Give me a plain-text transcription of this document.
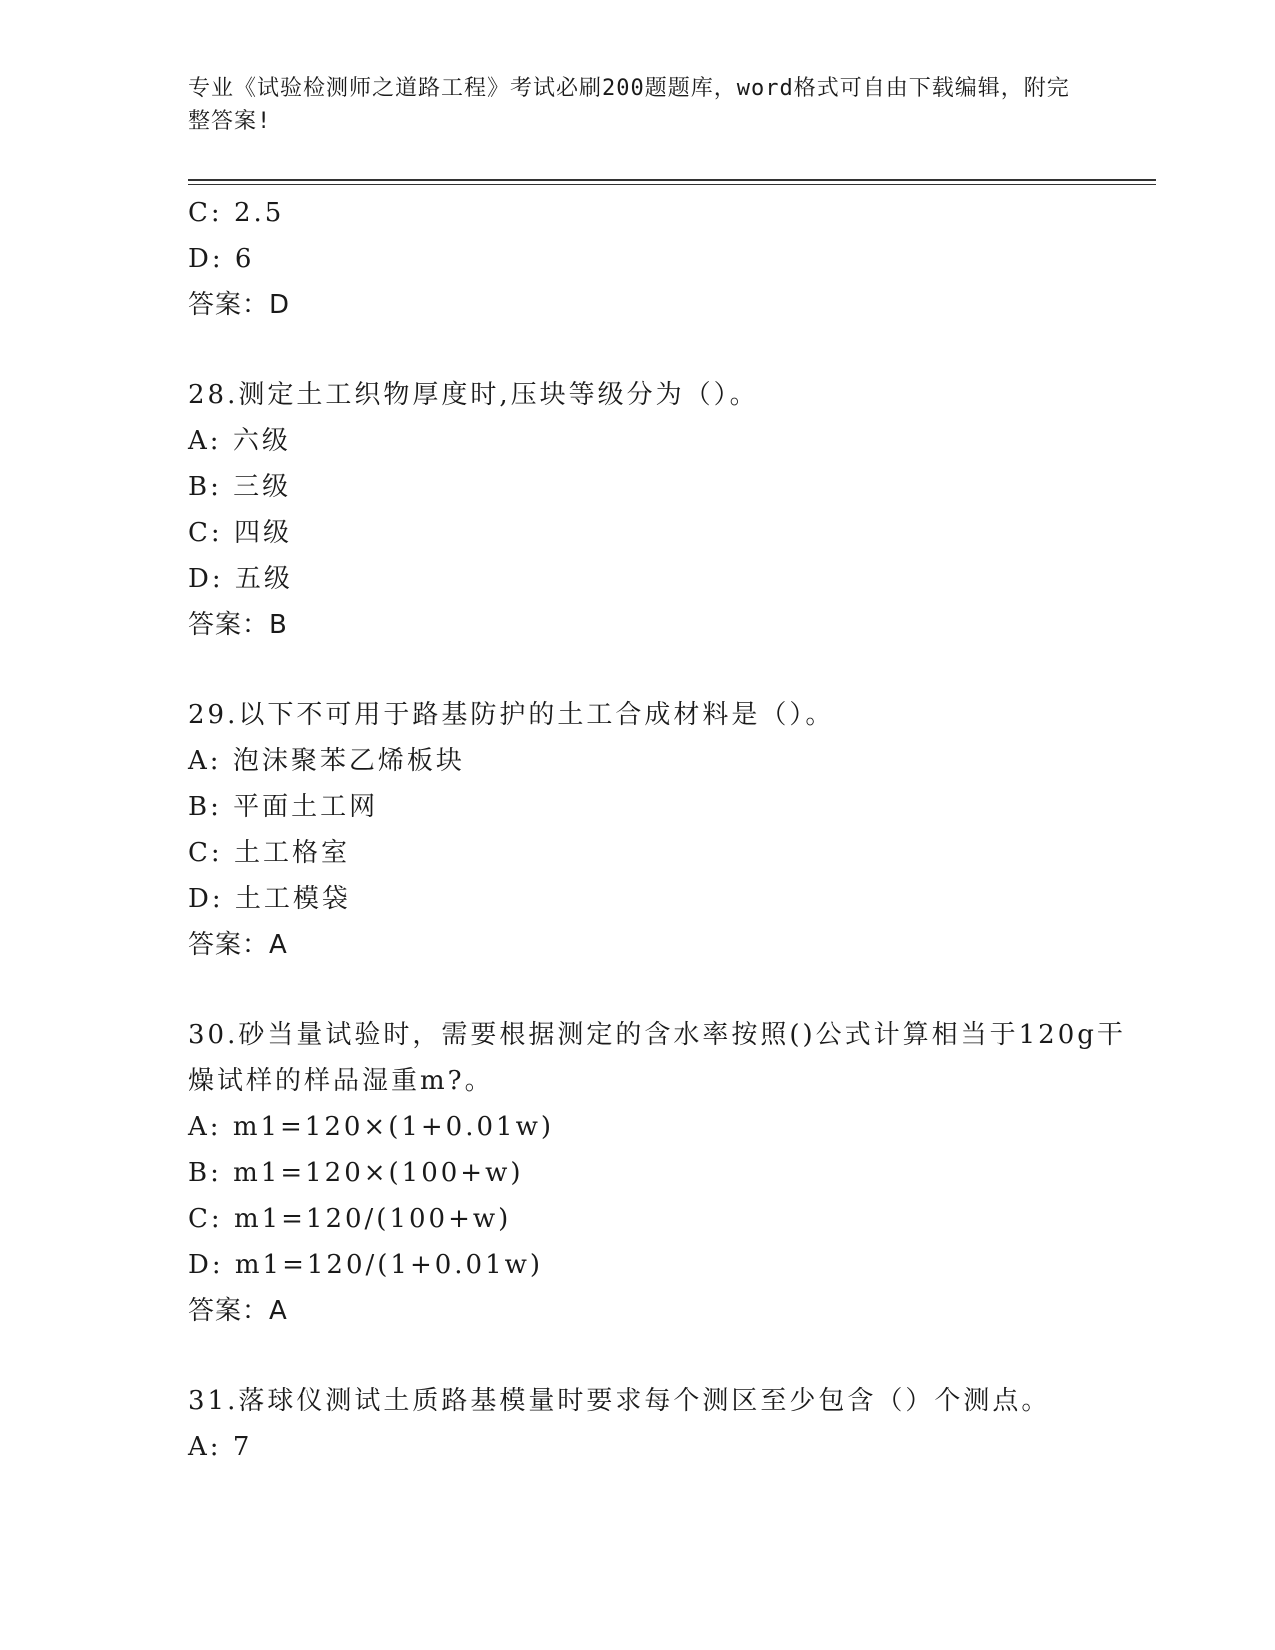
专业《试验检测师之道路工程》考试必刷200题题库，word格式可自由下载编辑，附完整答案!
C: 2.5
D: 6
答案：D
28.测定土工织物厚度时,压块等级分为（）。
A: 六级
B: 三级
C: 四级
D: 五级
答案：B
29.以下不可用于路基防护的土工合成材料是（）。
A: 泡沫聚苯乙烯板块
B: 平面土工网
C: 土工格室
D: 土工模袋
答案：A
30.砂当量试验时，需要根据测定的含水率按照()公式计算相当于120g干燥试样的样品湿重m?。
A: m1=120×(1+0.01w)
B: m1=120×(100+w)
C: m1=120/(100+w)
D: m1=120/(1+0.01w)
答案：A
31.落球仪测试土质路基模量时要求每个测区至少包含（）个测点。
A: 7
